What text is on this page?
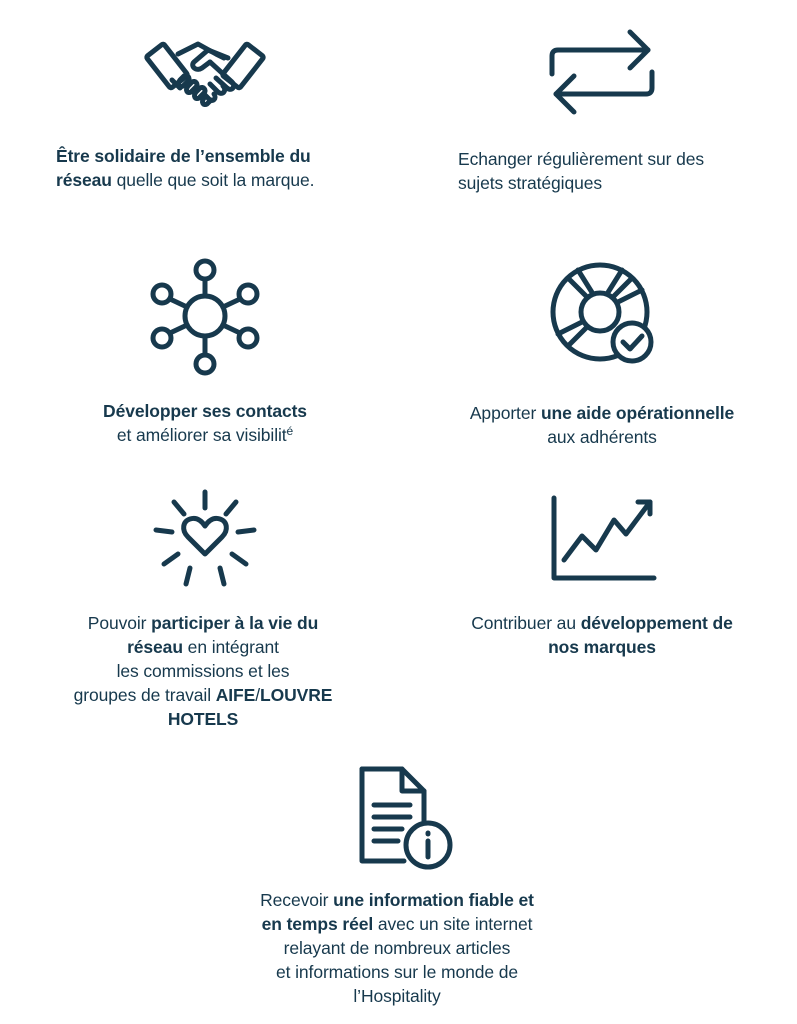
Être solidaire de l’ensemble du
réseau quelle que soit la marque.
Echanger régulièrement sur des
sujets stratégiques
Développer ses contacts
et améliorer sa visibilit$^é$
Apporter une aide opérationnelle
aux adhérents
Pouvoir participer à la vie du
réseau en intégrant
les commissions et les
groupes de travail AIFE/LOUVRE
HOTELS
Contribuer au développement de
nos marques
Recevoir une information fiable et
en temps réel avec un site internet
relayant de nombreux articles
et informations sur le monde de
l’Hospitality
